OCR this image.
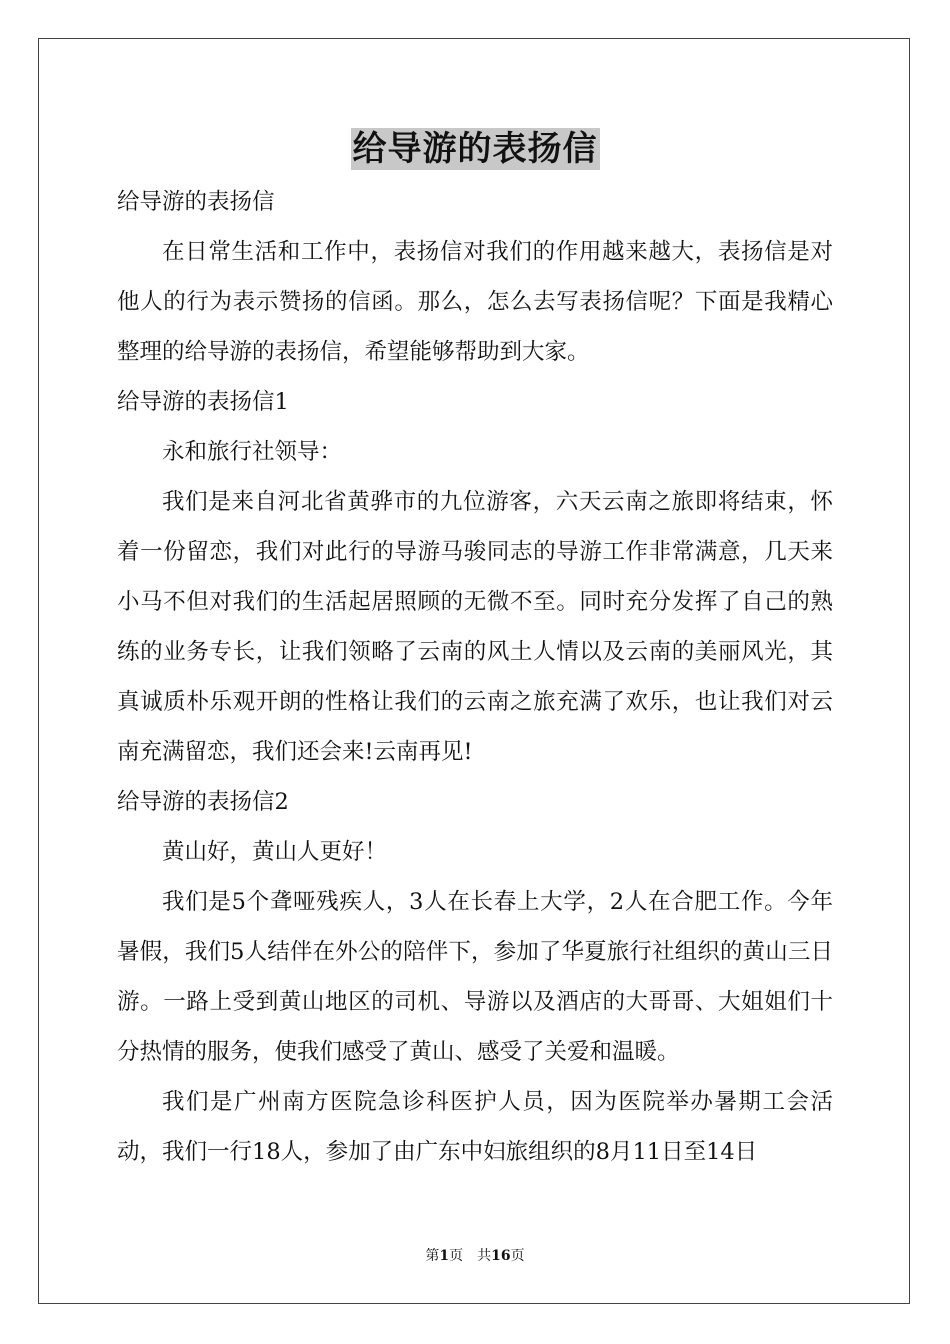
给导游的表扬信
给导游的表扬信
在日常生活和工作中，表扬信对我们的作用越来越大，表扬信是对他人的行为表示赞扬的信函。那么，怎么去写表扬信呢？下面是我精心整理的给导游的表扬信，希望能够帮助到大家。
给导游的表扬信1
永和旅行社领导：
我们是来自河北省黄骅市的九位游客，六天云南之旅即将结束，怀着一份留恋，我们对此行的导游马骏同志的导游工作非常满意，几天来小马不但对我们的生活起居照顾的无微不至。同时充分发挥了自己的熟练的业务专长，让我们领略了云南的风土人情以及云南的美丽风光，其真诚质朴乐观开朗的性格让我们的云南之旅充满了欢乐，也让我们对云南充满留恋，我们还会来!云南再见!
给导游的表扬信2
黄山好，黄山人更好！
我们是5个聋哑残疾人，3人在长春上大学，2人在合肥工作。今年暑假，我们5人结伴在外公的陪伴下，参加了华夏旅行社组织的黄山三日游。一路上受到黄山地区的司机、导游以及酒店的大哥哥、大姐姐们十分热情的服务，使我们感受了黄山、感受了关爱和温暖。
我们是广州南方医院急诊科医护人员，因为医院举办暑期工会活动，我们一行18人，参加了由广东中妇旅组织的8月11日至14日
第1页　共16页
